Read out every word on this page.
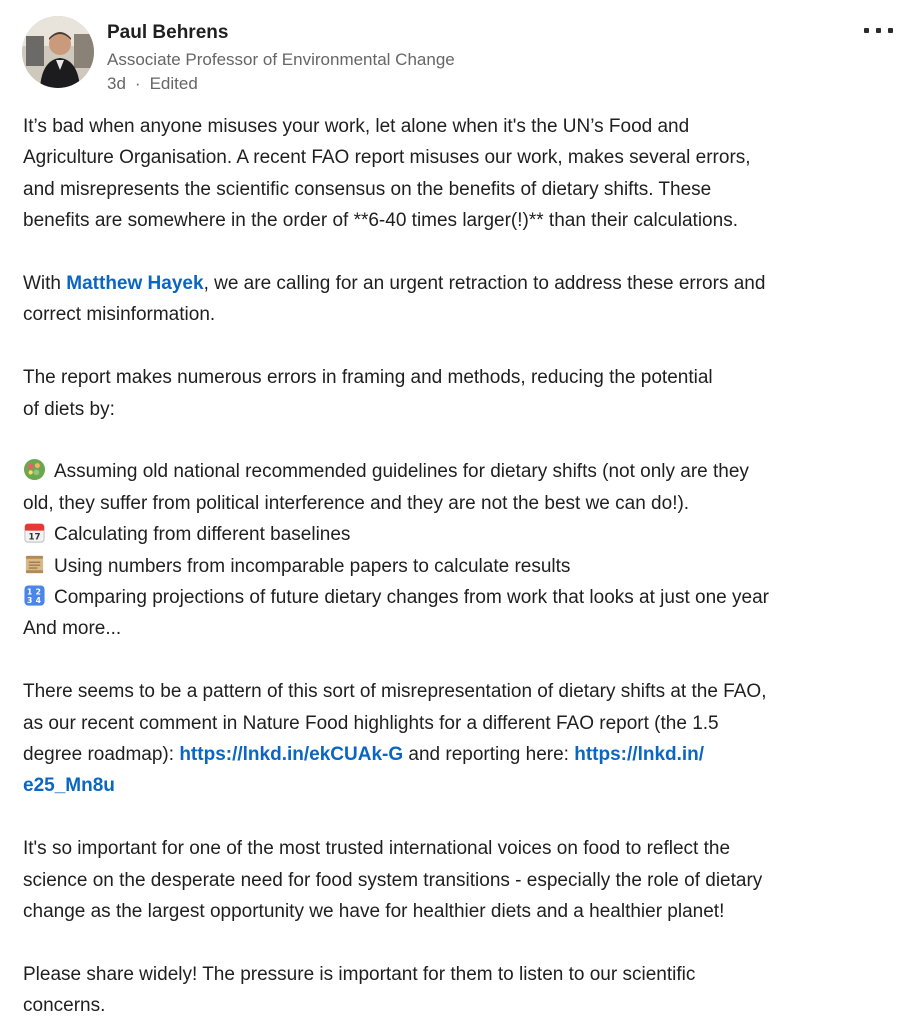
Paul Behrens
Associate Professor of Environmental Change
3d · Edited

It’s bad when anyone misuses your work, let alone when it's the UN’s Food and
Agriculture Organisation. A recent FAO report misuses our work, makes several errors,
and misrepresents the scientific consensus on the benefits of dietary shifts. These
benefits are somewhere in the order of **6-40 times larger(!)** than their calculations.

With Matthew Hayek, we are calling for an urgent retraction to address these errors and
correct misinformation.

The report makes numerous errors in framing and methods, reducing the potential
of diets by:

Assuming old national recommended guidelines for dietary shifts (not only are they
old, they suffer from political interference and they are not the best we can do!).
17 Calculating from different baselines
Using numbers from incomparable papers to calculate results
1 2
3 4 Comparing projections of future dietary changes from work that looks at just one year
And more...

There seems to be a pattern of this sort of misrepresentation of dietary shifts at the FAO,
as our recent comment in Nature Food highlights for a different FAO report (the 1.5
degree roadmap): https://lnkd.in/ekCUAk-G and reporting here: https://lnkd.in/
e25_Mn8u

It's so important for one of the most trusted international voices on food to reflect the
science on the desperate need for food system transitions - especially the role of dietary
change as the largest opportunity we have for healthier diets and a healthier planet!

Please share widely! The pressure is important for them to listen to our scientific
concerns.
